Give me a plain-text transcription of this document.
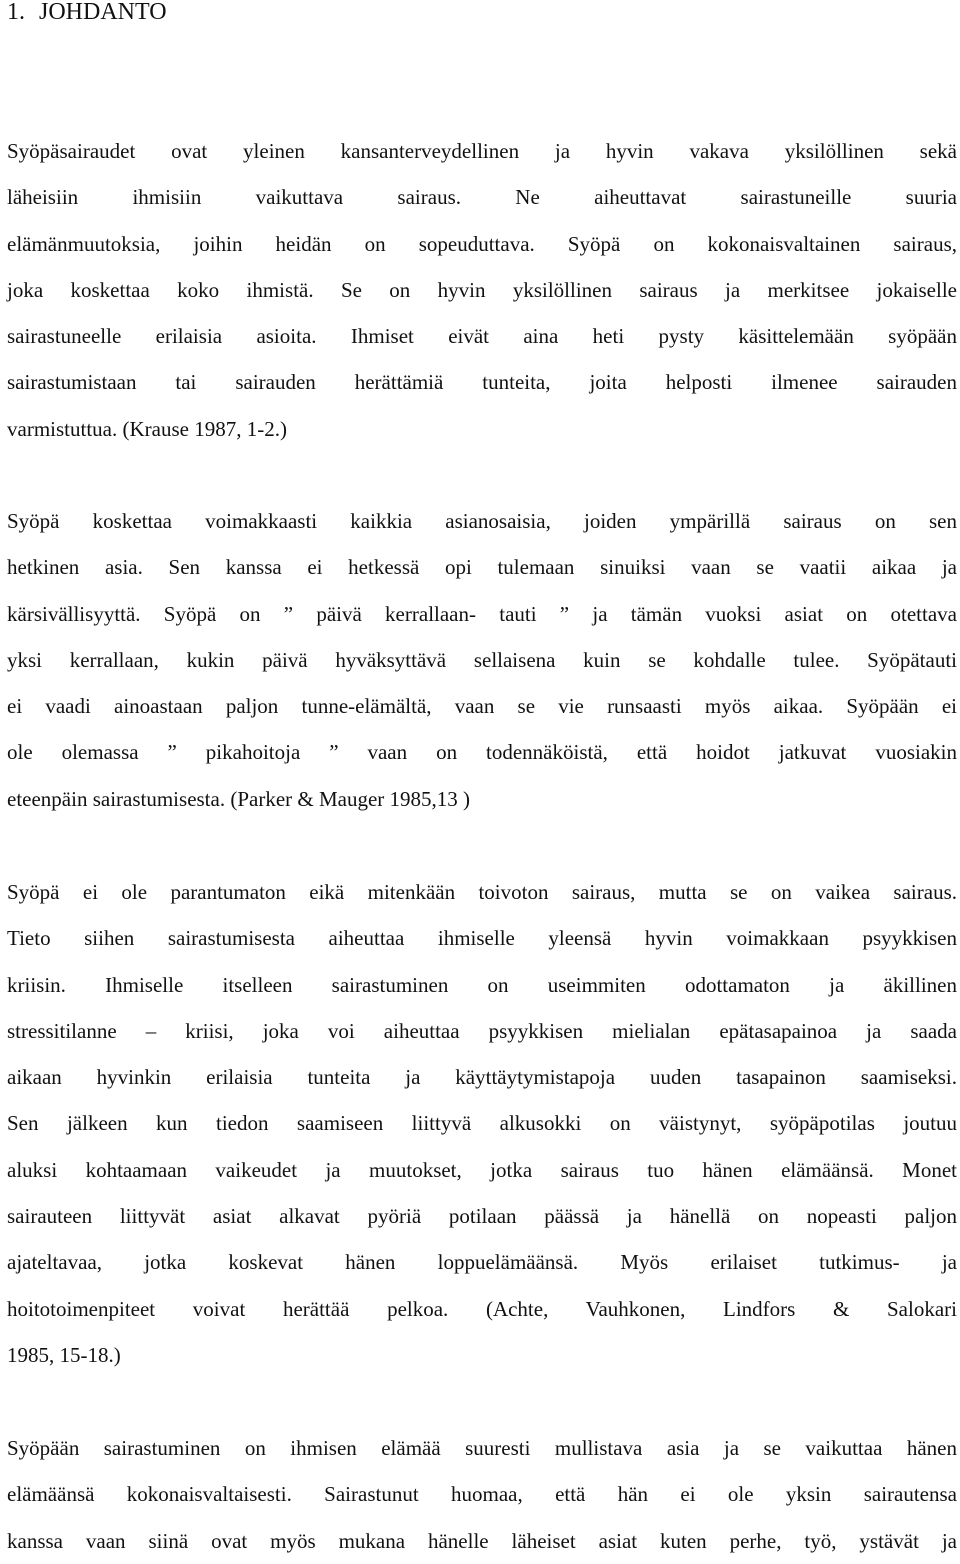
1. JOHDANTO
Syöpäsairaudet ovat yleinen kansanterveydellinen ja hyvin vakava yksilöllinen sekä
läheisiin ihmisiin vaikuttava sairaus. Ne aiheuttavat sairastuneille suuria
elämänmuutoksia, joihin heidän on sopeuduttava. Syöpä on kokonaisvaltainen sairaus,
joka koskettaa koko ihmistä. Se on hyvin yksilöllinen sairaus ja merkitsee jokaiselle
sairastuneelle erilaisia asioita. Ihmiset eivät aina heti pysty käsittelemään syöpään
sairastumistaan tai sairauden herättämiä tunteita, joita helposti ilmenee sairauden
varmistuttua. (Krause 1987, 1-2.)
Syöpä koskettaa voimakkaasti kaikkia asianosaisia, joiden ympärillä sairaus on sen
hetkinen asia. Sen kanssa ei hetkessä opi tulemaan sinuiksi vaan se vaatii aikaa ja
kärsivällisyyttä. Syöpä on ” päivä kerrallaan- tauti ” ja tämän vuoksi asiat on otettava
yksi kerrallaan, kukin päivä hyväksyttävä sellaisena kuin se kohdalle tulee. Syöpätauti
ei vaadi ainoastaan paljon tunne-elämältä, vaan se vie runsaasti myös aikaa. Syöpään ei
ole olemassa ” pikahoitoja ” vaan on todennäköistä, että hoidot jatkuvat vuosiakin
eteenpäin sairastumisesta. (Parker & Mauger 1985,13 )
Syöpä ei ole parantumaton eikä mitenkään toivoton sairaus, mutta se on vaikea sairaus.
Tieto siihen sairastumisesta aiheuttaa ihmiselle yleensä hyvin voimakkaan psyykkisen
kriisin. Ihmiselle itselleen sairastuminen on useimmiten odottamaton ja äkillinen
stressitilanne – kriisi, joka voi aiheuttaa psyykkisen mielialan epätasapainoa ja saada
aikaan hyvinkin erilaisia tunteita ja käyttäytymistapoja uuden tasapainon saamiseksi.
Sen jälkeen kun tiedon saamiseen liittyvä alkusokki on väistynyt, syöpäpotilas joutuu
aluksi kohtaamaan vaikeudet ja muutokset, jotka sairaus tuo hänen elämäänsä. Monet
sairauteen liittyvät asiat alkavat pyöriä potilaan päässä ja hänellä on nopeasti paljon
ajateltavaa, jotka koskevat hänen loppuelämäänsä. Myös erilaiset tutkimus- ja
hoitotoimenpiteet voivat herättää pelkoa. (Achte, Vauhkonen, Lindfors & Salokari
1985, 15-18.)
Syöpään sairastuminen on ihmisen elämää suuresti mullistava asia ja se vaikuttaa hänen
elämäänsä kokonaisvaltaisesti. Sairastunut huomaa, että hän ei ole yksin sairautensa
kanssa vaan siinä ovat myös mukana hänelle läheiset asiat kuten perhe, työ, ystävät ja
